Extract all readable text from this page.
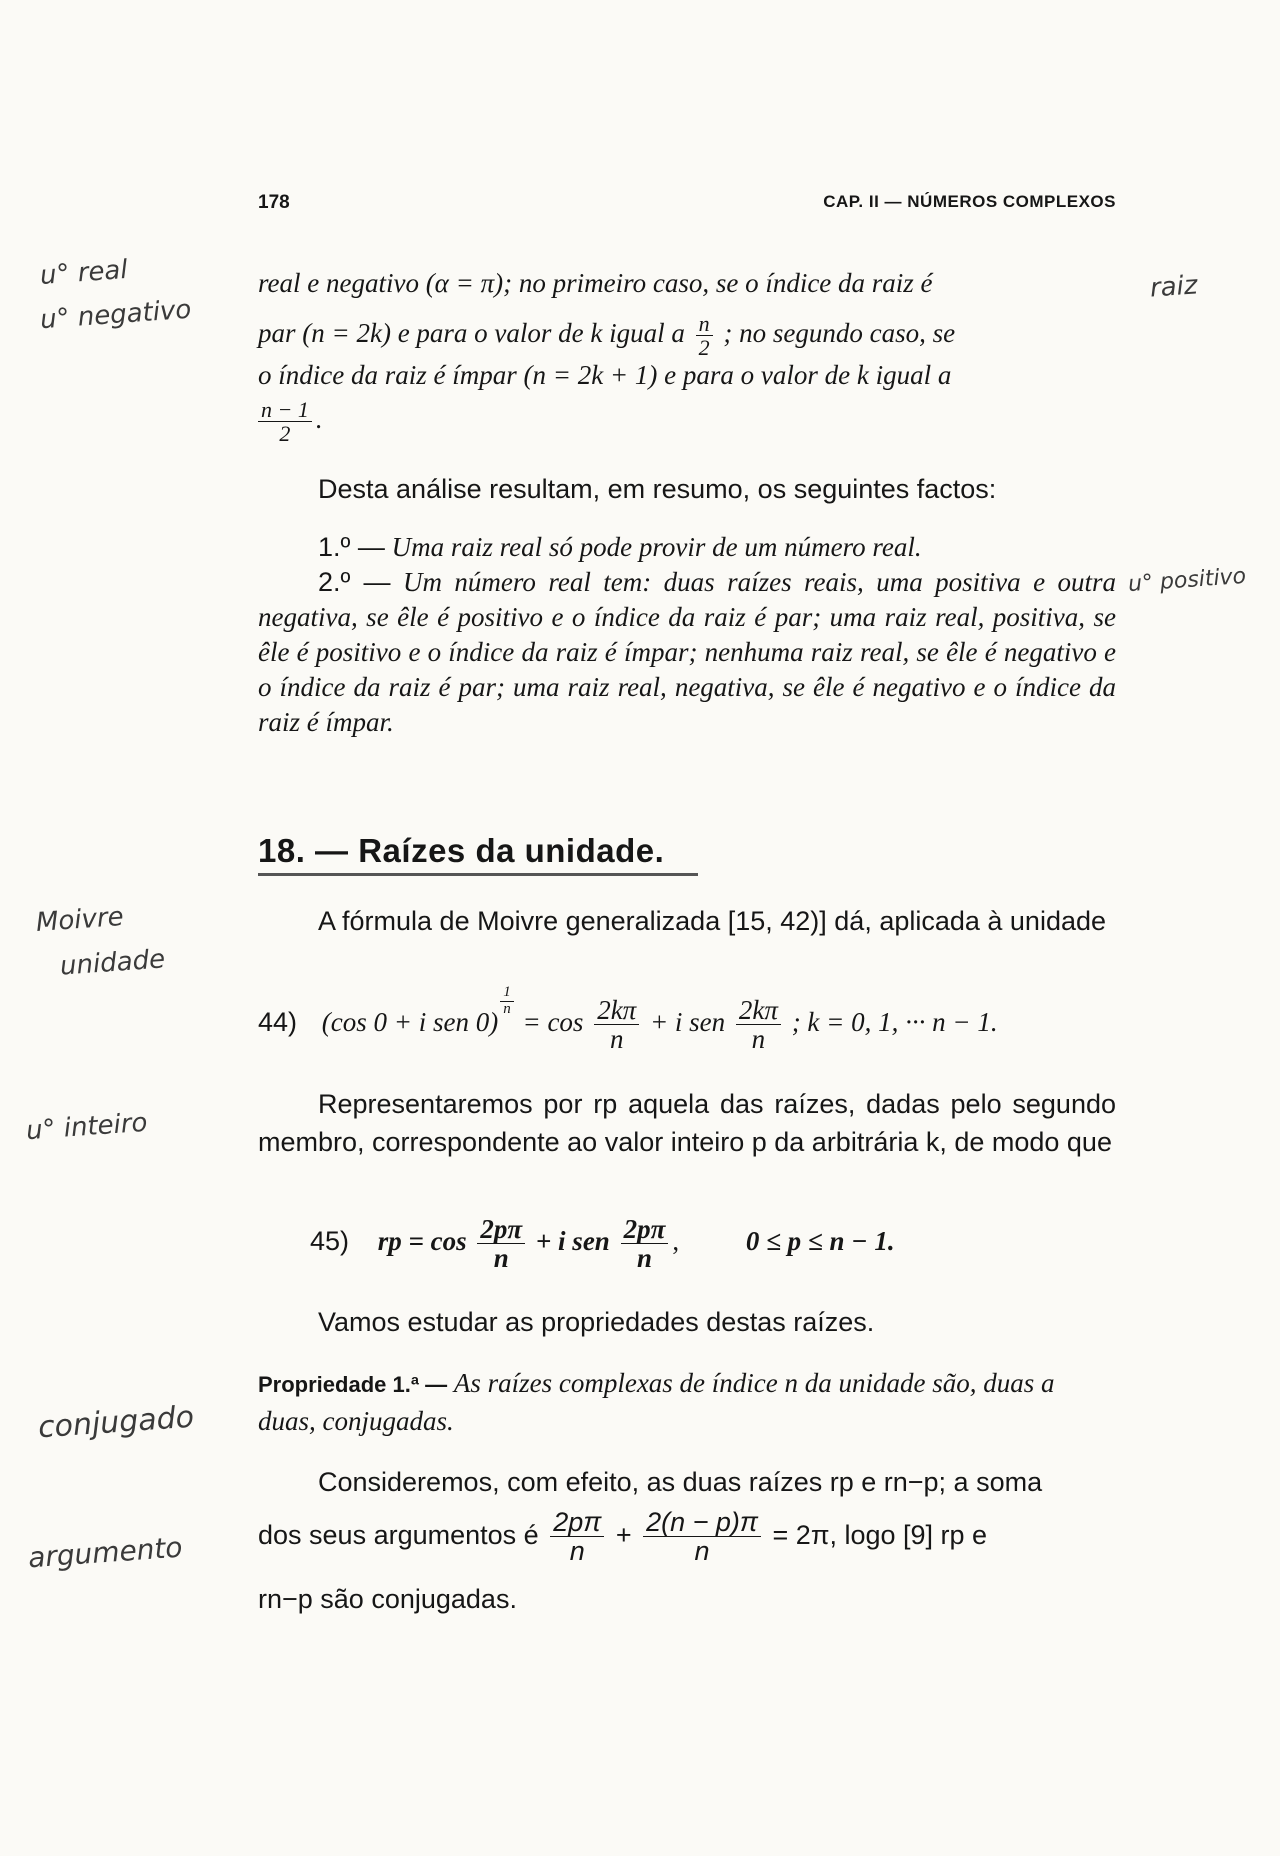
178	CAP. II — NÚMEROS COMPLEXOS
u° real
u° negativo
raiz
u° positivo
Moivre
unidade
u° inteiro
conjugado
argumento
real e negativo (α = π); no primeiro caso, se o índice da raiz é
par (n = 2k) e para o valor de k igual a $\frac{n}{2}$ ; no segundo caso, se
o índice da raiz é ímpar (n = 2k + 1) e para o valor de k igual a
$\frac{n - 1}{2}$ .
Desta análise resultam, em resumo, os seguintes factos:
1.º — Uma raiz real só pode provir de um número real.
2.º — Um número real tem: duas raízes reais, uma positiva e outra negativa, se êle é positivo e o índice da raiz é par; uma raiz real, positiva, se êle é positivo e o índice da raiz é ímpar; nenhuma raiz real, se êle é negativo e o índice da raiz é par; uma raiz real, negativa, se êle é negativo e o índice da raiz é ímpar.
18. — Raízes da unidade.
A fórmula de Moivre generalizada [15, 42)] dá, aplicada à unidade
44) (cos 0 + i sen 0)
$\frac{1}{n}$
= $\cos \frac{2k\pi}{n} + i$ sen $\frac{2k\pi}{n}$ ; k = 0, 1, ··· n − 1.
Representaremos por rp aquela das raízes, dadas pelo segundo membro, correspondente ao valor inteiro p da arbitrária k, de modo que
45) rp = $\cos \frac{2p\pi}{n} + i$ sen $\frac{2p\pi}{n}$ , 0 ≤ p ≤ n − 1.
Vamos estudar as propriedades destas raízes.
Propriedade 1.ª — As raízes complexas de índice n da unidade são, duas a duas, conjugadas.
Consideremos, com efeito, as duas raízes rp e rn−p; a soma
dos seus argumentos é $\frac{2p\pi}{n} + \frac{2(n - p)\pi}{n} = 2\pi$, logo [9] rp e
rn−p são conjugadas.
